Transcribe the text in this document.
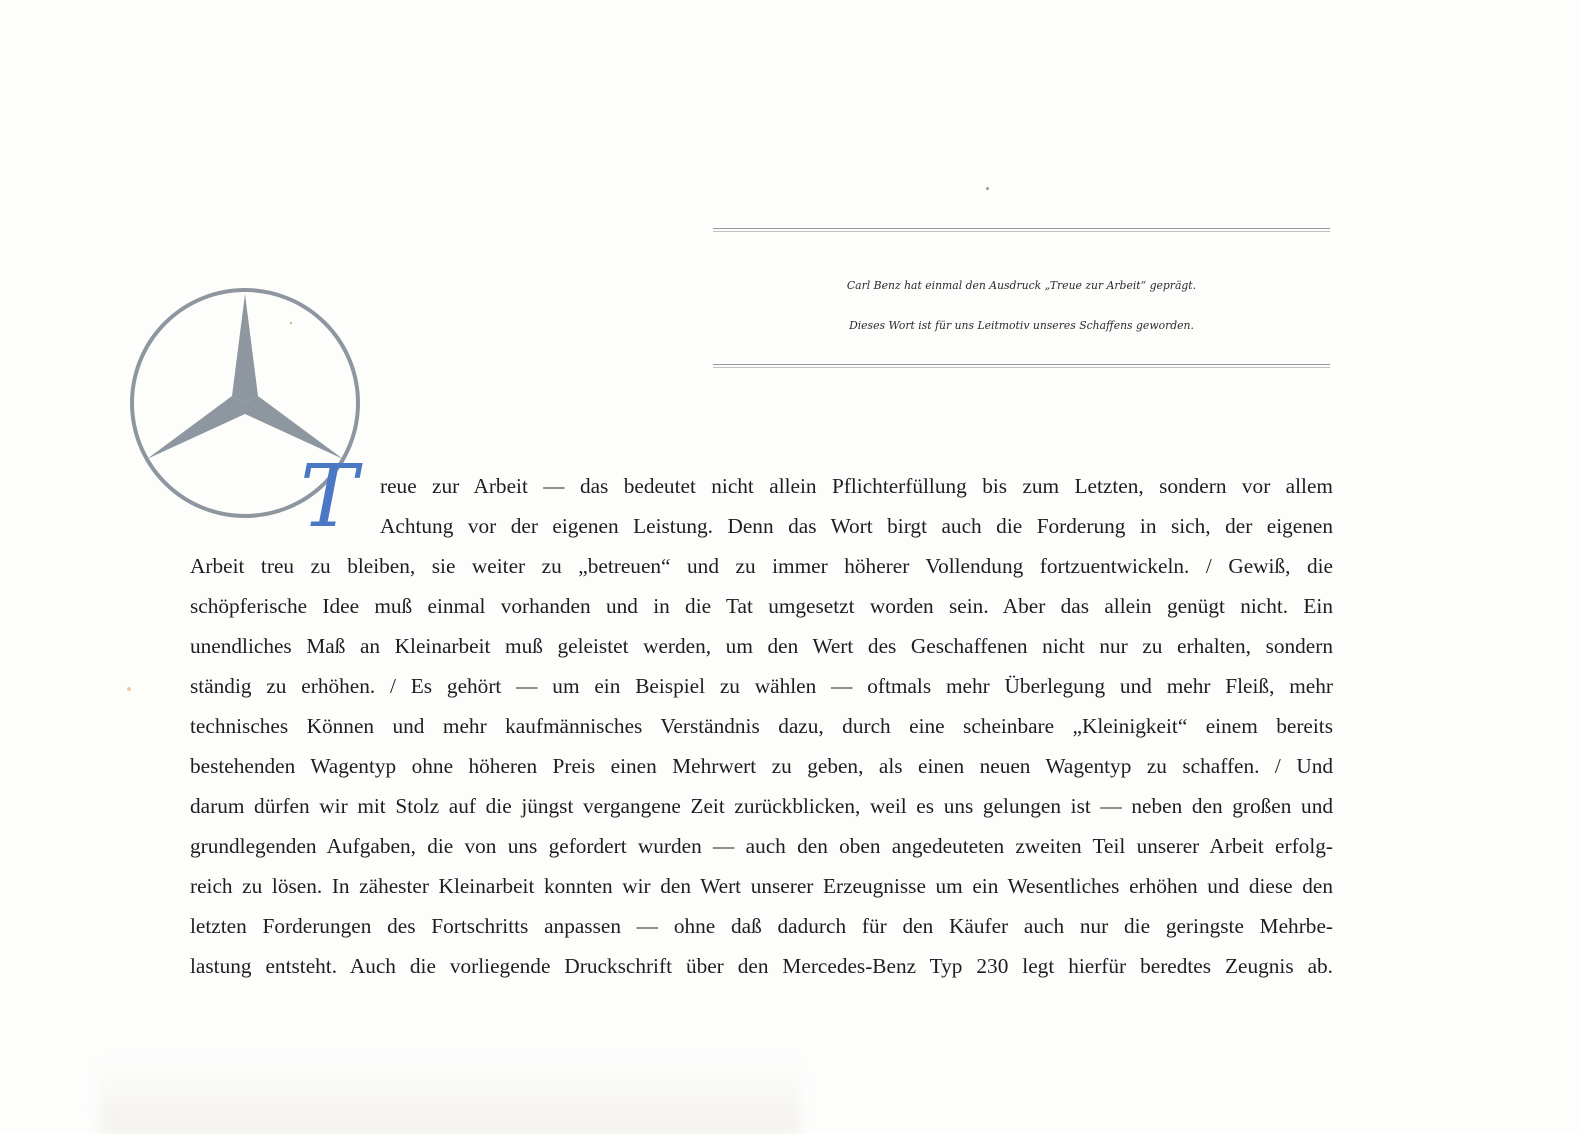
Carl Benz hat einmal den Ausdruck „Treue zur Arbeit“ geprägt.
Dieses Wort ist für uns Leitmotiv unseres Schaffens geworden.
T reue zur Arbeit — das bedeutet nicht allein Pflichterfüllung bis zum Letzten, sondern vor allem
Achtung vor der eigenen Leistung. Denn das Wort birgt auch die Forderung in sich, der eigenen
Arbeit treu zu bleiben, sie weiter zu „betreuen“ und zu immer höherer Vollendung fortzuentwickeln. / Gewiß, die
schöpferische Idee muß einmal vorhanden und in die Tat umgesetzt worden sein. Aber das allein genügt nicht. Ein
unendliches Maß an Kleinarbeit muß geleistet werden, um den Wert des Geschaffenen nicht nur zu erhalten, sondern
ständig zu erhöhen. / Es gehört — um ein Beispiel zu wählen — oftmals mehr Überlegung und mehr Fleiß, mehr
technisches Können und mehr kaufmännisches Verständnis dazu, durch eine scheinbare „Kleinigkeit“ einem bereits
bestehenden Wagentyp ohne höheren Preis einen Mehrwert zu geben, als einen neuen Wagentyp zu schaffen. / Und
darum dürfen wir mit Stolz auf die jüngst vergangene Zeit zurückblicken, weil es uns gelungen ist — neben den großen und
grundlegenden Aufgaben, die von uns gefordert wurden — auch den oben angedeuteten zweiten Teil unserer Arbeit erfolg-
reich zu lösen. In zähester Kleinarbeit konnten wir den Wert unserer Erzeugnisse um ein Wesentliches erhöhen und diese den
letzten Forderungen des Fortschritts anpassen — ohne daß dadurch für den Käufer auch nur die geringste Mehrbe-
lastung entsteht. Auch die vorliegende Druckschrift über den Mercedes-Benz Typ 230 legt hierfür beredtes Zeugnis ab.
